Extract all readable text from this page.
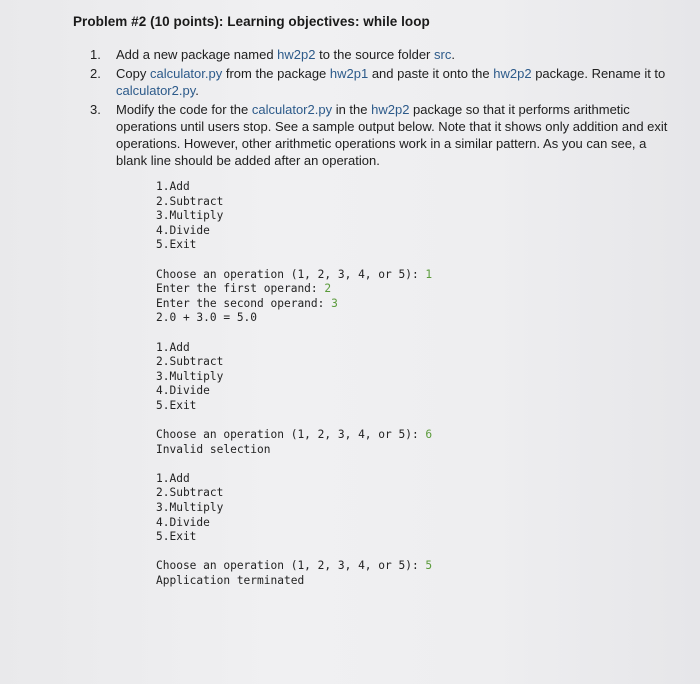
Problem #2 (10 points): Learning objectives: while loop
1.	Add a new package named hw2p2 to the source folder src.
2.	Copy calculator.py from the package hw2p1 and paste it onto the hw2p2 package. Rename it to calculator2.py.
3.	Modify the code for the calculator2.py in the hw2p2 package so that it performs arithmetic operations until users stop. See a sample output below. Note that it shows only addition and exit operations. However, other arithmetic operations work in a similar pattern. As you can see, a blank line should be added after an operation.
1.Add
2.Subtract
3.Multiply
4.Divide
5.Exit
Choose an operation (1, 2, 3, 4, or 5): 1
Enter the first operand: 2
Enter the second operand: 3
2.0 + 3.0 = 5.0
1.Add
2.Subtract
3.Multiply
4.Divide
5.Exit
Choose an operation (1, 2, 3, 4, or 5): 6
Invalid selection
1.Add
2.Subtract
3.Multiply
4.Divide
5.Exit
Choose an operation (1, 2, 3, 4, or 5): 5
Application terminated
